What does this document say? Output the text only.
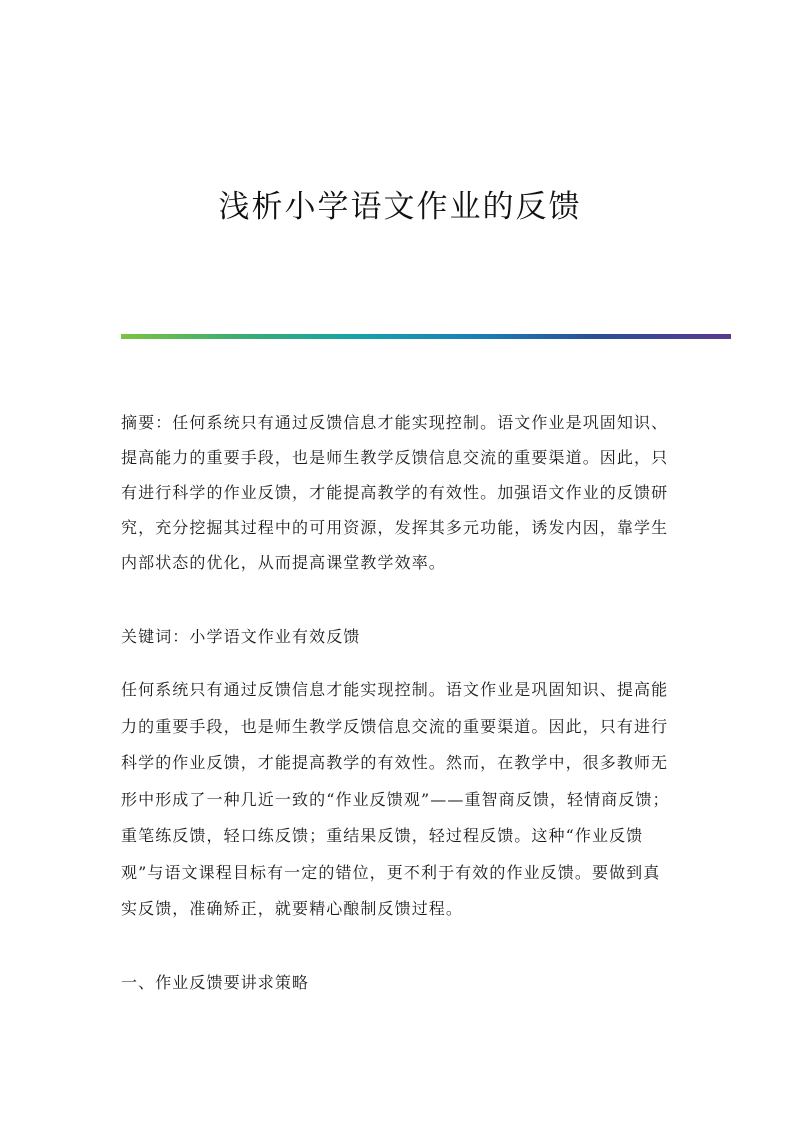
浅析小学语文作业的反馈

摘要：任何系统只有通过反馈信息才能实现控制。语文作业是巩固知识、提高能力的重要手段，也是师生教学反馈信息交流的重要渠道。因此，只有进行科学的作业反馈，才能提高教学的有效性。加强语文作业的反馈研究，充分挖掘其过程中的可用资源，发挥其多元功能，诱发内因，靠学生内部状态的优化，从而提高课堂教学效率。

关键词：小学语文作业有效反馈

任何系统只有通过反馈信息才能实现控制。语文作业是巩固知识、提高能力的重要手段，也是师生教学反馈信息交流的重要渠道。因此，只有进行科学的作业反馈，才能提高教学的有效性。然而，在教学中，很多教师无形中形成了一种几近一致的“作业反馈观”——重智商反馈，轻情商反馈；重笔练反馈，轻口练反馈；重结果反馈，轻过程反馈。这种“作业反馈观”与语文课程目标有一定的错位，更不利于有效的作业反馈。要做到真实反馈，准确矫正，就要精心酿制反馈过程。

一、作业反馈要讲求策略
